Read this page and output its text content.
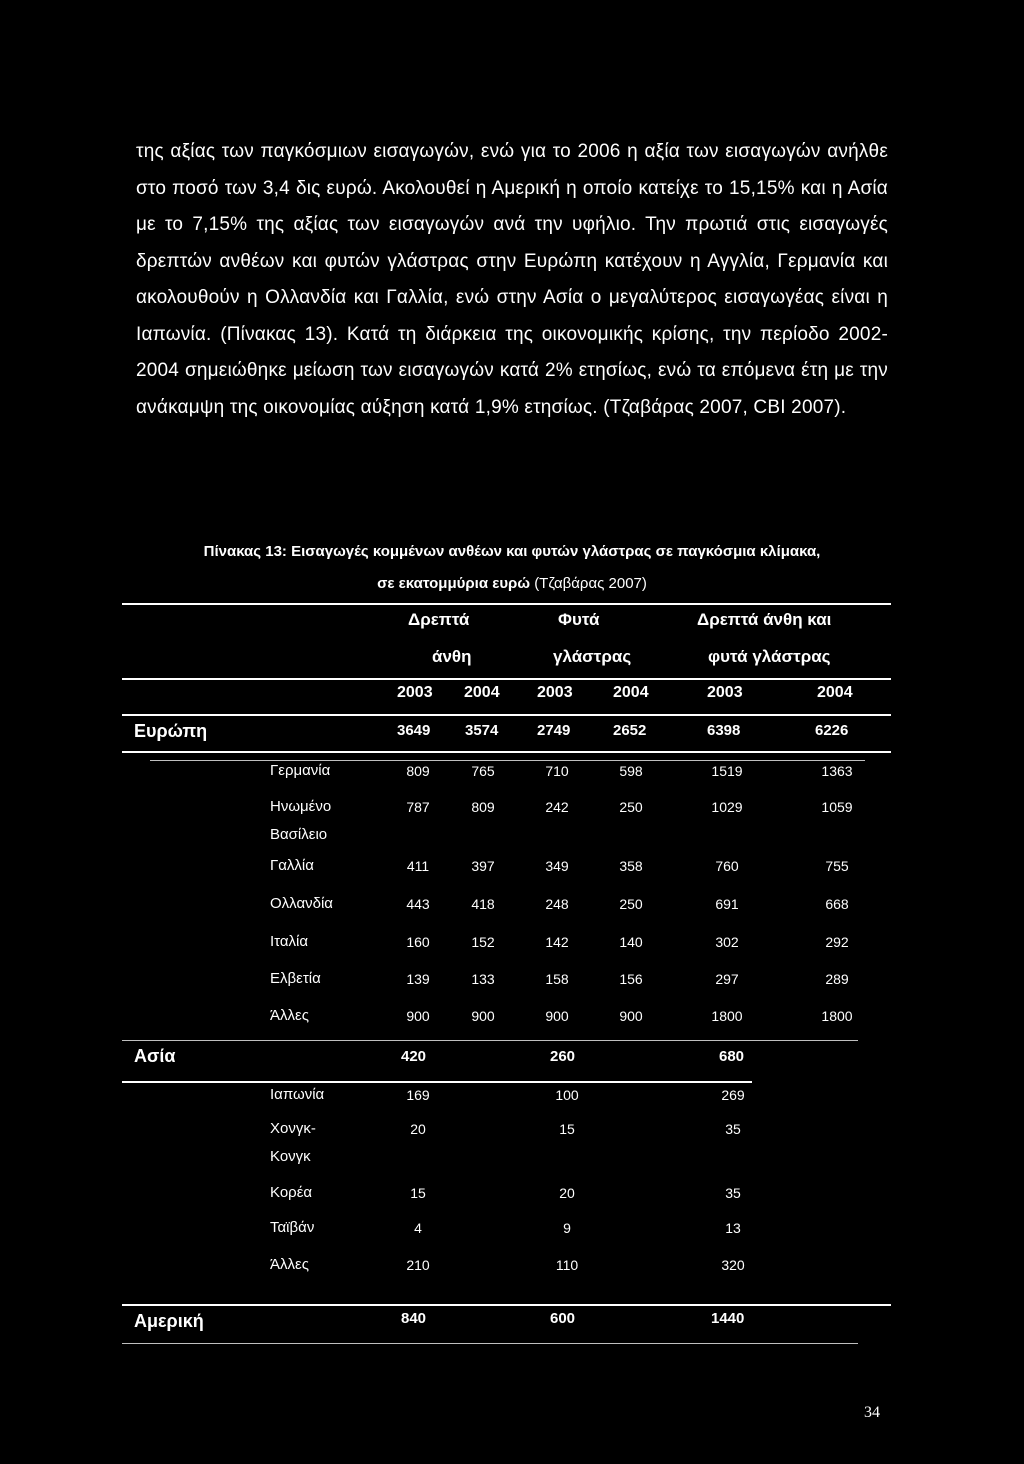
της αξίας των παγκόσμιων εισαγωγών, ενώ για το 2006 η αξία των εισαγωγών ανήλθε στο ποσό των 3,4 δις ευρώ. Ακολουθεί η Αμερική η οποίο κατείχε το 15,15% και η Ασία με το 7,15% της αξίας των εισαγωγών ανά την υφήλιο. Την πρωτιά στις εισαγωγές δρεπτών ανθέων και φυτών γλάστρας στην Ευρώπη κατέχουν η Αγγλία, Γερμανία και ακολουθούν η Ολλανδία και Γαλλία, ενώ στην Ασία ο μεγαλύτερος εισαγωγέας είναι η Ιαπωνία. (Πίνακας 13). Κατά τη διάρκεια της οικονομικής κρίσης, την περίοδο 2002-2004 σημειώθηκε μείωση των εισαγωγών κατά 2% ετησίως, ενώ τα επόμενα έτη με την ανάκαμψη της οικονομίας αύξηση κατά 1,9% ετησίως. (Τζαβάρας 2007, CBI 2007).
Πίνακας 13: Εισαγωγές κομμένων ανθέων και φυτών γλάστρας σε παγκόσμια κλίμακα,
σε εκατομμύρια ευρώ (Τζαβάρας 2007)
Δρεπτά
άνθη
Φυτά
γλάστρας
Δρεπτά άνθη και
φυτά γλάστρας
2003 2004 2003	2004	2003	2004
Ευρώπη	3649 3574	2749	2652	6398	6226
Γερμανία	809	765	710	598	1519	1363
Ηνωμένο
Βασίλειο
787	809	242	250	1029	1059
Γαλλία	411	397	349	358	760	755
Ολλανδία	443	418	248	250	691	668
Ιταλία	160	152	142	140	302	292
Ελβετία	139	133	158	156	297	289
Άλλες	900	900	900	900	1800	1800
Ασία	420	260	680
Ιαπωνία	169	100	269
Χονγκ-
Κονγκ
20	15	35
Κορέα	15	20	35
Ταϊβάν	4	9	13
Άλλες	210	110	320
Αμερική	840	600	1440
34
